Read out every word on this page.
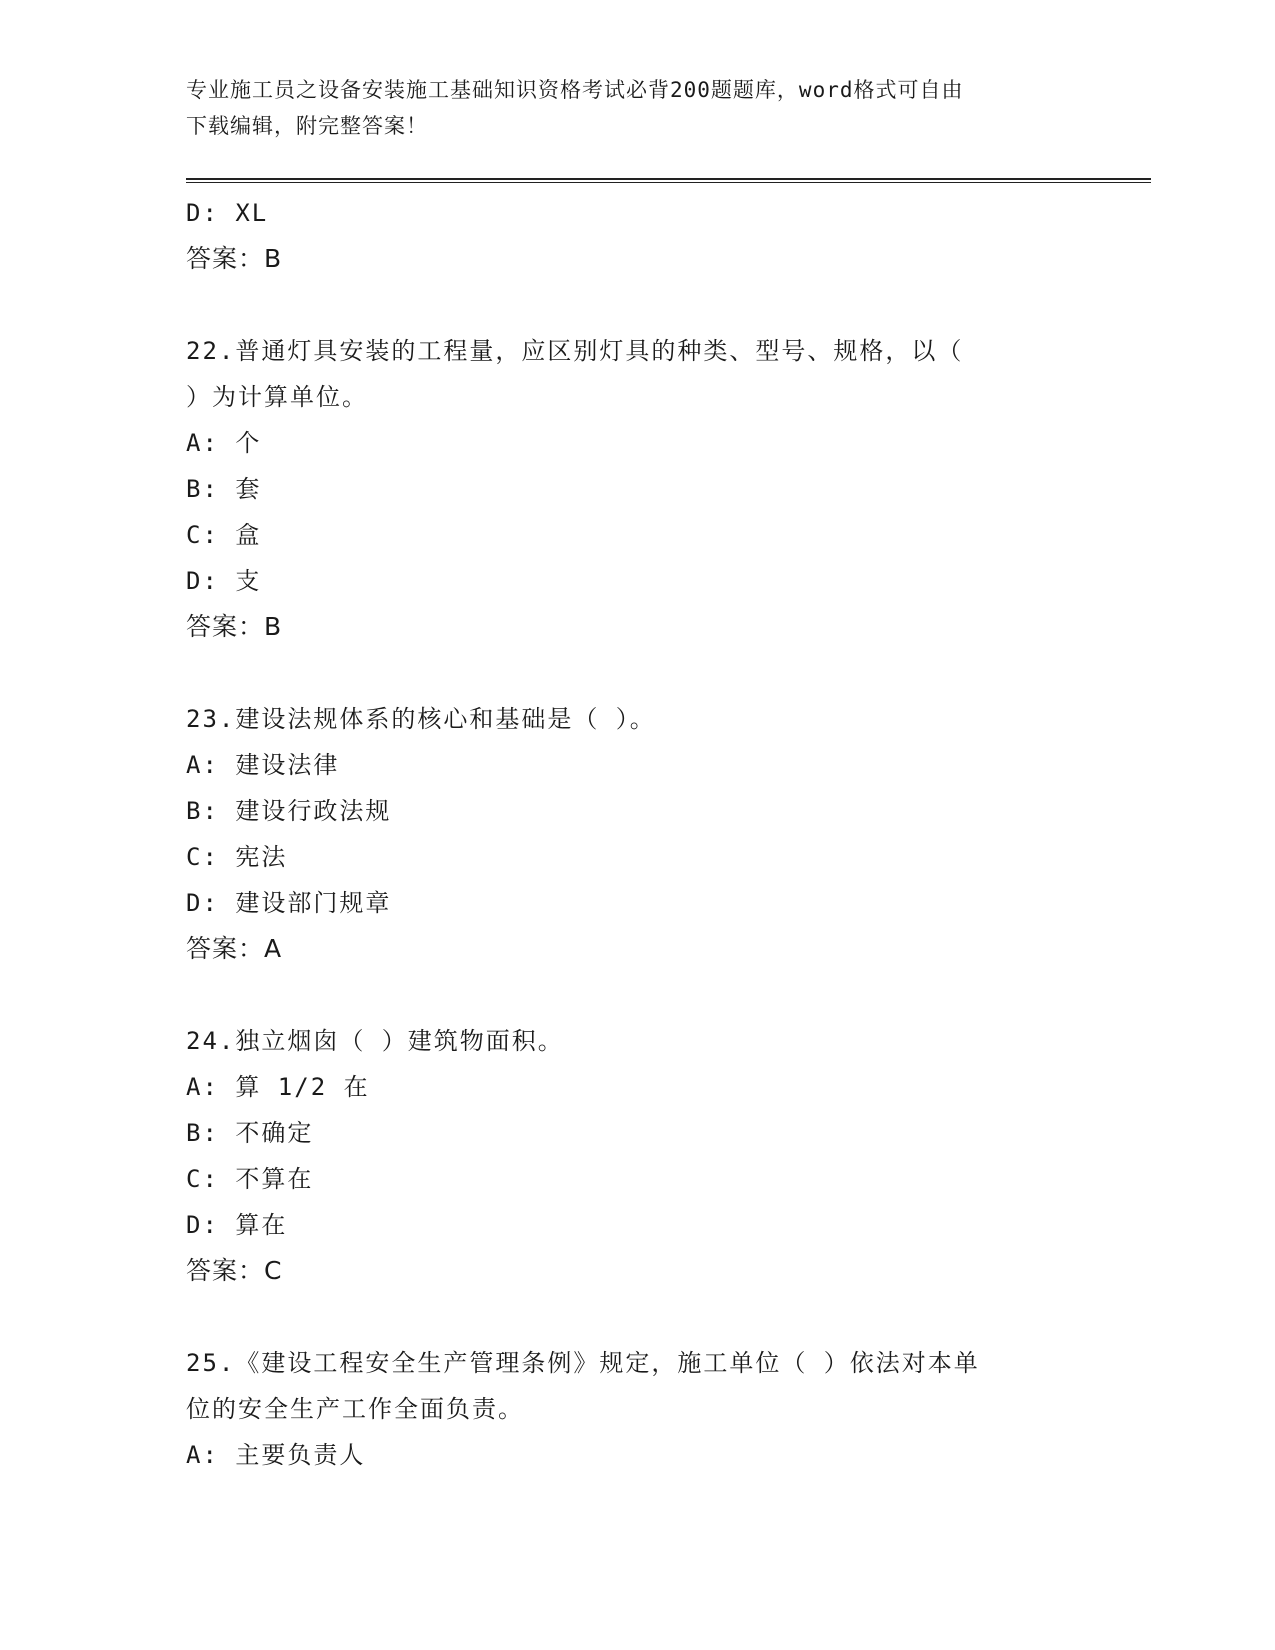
专业施工员之设备安装施工基础知识资格考试必背200题题库，word格式可自由
下载编辑，附完整答案！
D: XL
答案：B
22.普通灯具安装的工程量，应区别灯具的种类、型号、规格，以（
）为计算单位。
A: 个
B: 套
C: 盒
D: 支
答案：B
23.建设法规体系的核心和基础是（ ）。
A: 建设法律
B: 建设行政法规
C: 宪法
D: 建设部门规章
答案：A
24.独立烟囱（ ）建筑物面积。
A: 算 1/2 在
B: 不确定
C: 不算在
D: 算在
答案：C
25.《建设工程安全生产管理条例》规定，施工单位（ ）依法对本单
位的安全生产工作全面负责。
A: 主要负责人
